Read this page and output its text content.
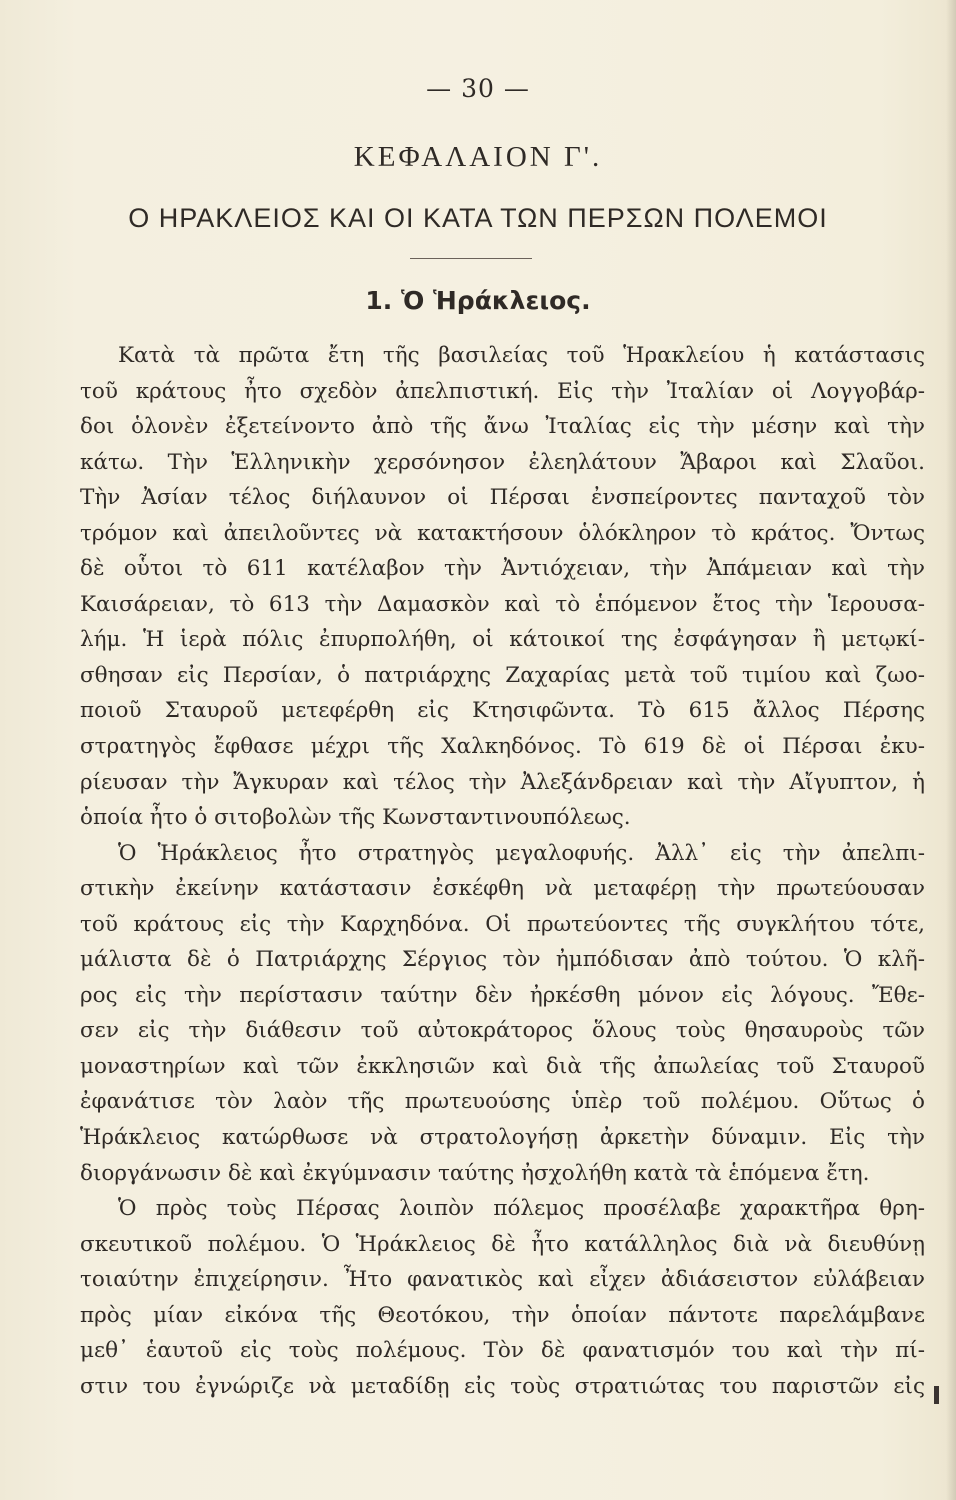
— 30 —
ΚΕΦΑΛΑΙΟΝ Γ'.
Ο ΗΡΑΚΛΕΙΟΣ ΚΑΙ ΟΙ ΚΑΤΑ ΤΩΝ ΠΕΡΣΩΝ ΠΟΛΕΜΟΙ
1. Ὁ Ἡράκλειος.
Κατὰ τὰ πρῶτα ἔτη τῆς βασιλείας τοῦ Ἡρακλείου ἡ κατάστασις
τοῦ κράτους ἦτο σχεδὸν ἀπελπιστική. Εἰς τὴν Ἰταλίαν οἱ Λογγοβάρ-
δοι ὁλονὲν ἐξετείνοντο ἀπὸ τῆς ἄνω Ἰταλίας εἰς τὴν μέσην καὶ τὴν
κάτω. Τὴν Ἑλληνικὴν χερσόνησον ἐλεηλάτουν Ἄβαροι καὶ Σλαῦοι.
Τὴν Ἀσίαν τέλος διήλαυνον οἱ Πέρσαι ἐνσπείροντες πανταχοῦ τὸν
τρόμον καὶ ἀπειλοῦντες νὰ κατακτήσουν ὁλόκληρον τὸ κράτος. Ὄντως
δὲ οὗτοι τὸ 611 κατέλαβον τὴν Ἀντιόχειαν, τὴν Ἀπάμειαν καὶ τὴν
Καισάρειαν, τὸ 613 τὴν Δαμασκὸν καὶ τὸ ἑπόμενον ἔτος τὴν Ἱερουσα-
λήμ. Ἡ ἱερὰ πόλις ἐπυρπολήθη, οἱ κάτοικοί της ἐσφάγησαν ἢ μετῳκί-
σθησαν εἰς Περσίαν, ὁ πατριάρχης Ζαχαρίας μετὰ τοῦ τιμίου καὶ ζωο-
ποιοῦ Σταυροῦ μετεφέρθη εἰς Κτησιφῶντα. Τὸ 615 ἄλλος Πέρσης
στρατηγὸς ἔφθασε μέχρι τῆς Χαλκηδόνος. Τὸ 619 δὲ οἱ Πέρσαι ἐκυ-
ρίευσαν τὴν Ἄγκυραν καὶ τέλος τὴν Ἀλεξάνδρειαν καὶ τὴν Αἴγυπτον, ἡ
ὁποία ἦτο ὁ σιτοβολὼν τῆς Κωνσταντινουπόλεως.
Ὁ Ἡράκλειος ἦτο στρατηγὸς μεγαλοφυής. Ἀλλ᾽ εἰς τὴν ἀπελπι-
στικὴν ἐκείνην κατάστασιν ἐσκέφθη νὰ μεταφέρῃ τὴν πρωτεύουσαν
τοῦ κράτους εἰς τὴν Καρχηδόνα. Οἱ πρωτεύοντες τῆς συγκλήτου τότε,
μάλιστα δὲ ὁ Πατριάρχης Σέργιος τὸν ἠμπόδισαν ἀπὸ τούτου. Ὁ κλῆ-
ρος εἰς τὴν περίστασιν ταύτην δὲν ἠρκέσθη μόνον εἰς λόγους. Ἔθε-
σεν εἰς τὴν διάθεσιν τοῦ αὐτοκράτορος ὅλους τοὺς θησαυροὺς τῶν
μοναστηρίων καὶ τῶν ἐκκλησιῶν καὶ διὰ τῆς ἀπωλείας τοῦ Σταυροῦ
ἐφανάτισε τὸν λαὸν τῆς πρωτευούσης ὑπὲρ τοῦ πολέμου. Οὕτως ὁ
Ἡράκλειος κατώρθωσε νὰ στρατολογήσῃ ἀρκετὴν δύναμιν. Εἰς τὴν
διοργάνωσιν δὲ καὶ ἐκγύμνασιν ταύτης ἠσχολήθη κατὰ τὰ ἑπόμενα ἔτη.
Ὁ πρὸς τοὺς Πέρσας λοιπὸν πόλεμος προσέλαβε χαρακτῆρα θρη-
σκευτικοῦ πολέμου. Ὁ Ἡράκλειος δὲ ἦτο κατάλληλος διὰ νὰ διευθύνῃ
τοιαύτην ἐπιχείρησιν. Ἦτο φανατικὸς καὶ εἶχεν ἀδιάσειστον εὐλάβειαν
πρὸς μίαν εἰκόνα τῆς Θεοτόκου, τὴν ὁποίαν πάντοτε παρελάμβανε
μεθ᾽ ἑαυτοῦ εἰς τοὺς πολέμους. Τὸν δὲ φανατισμόν του καὶ τὴν πί-
στιν του ἐγνώριζε νὰ μεταδίδῃ εἰς τοὺς στρατιώτας του παριστῶν εἰς
